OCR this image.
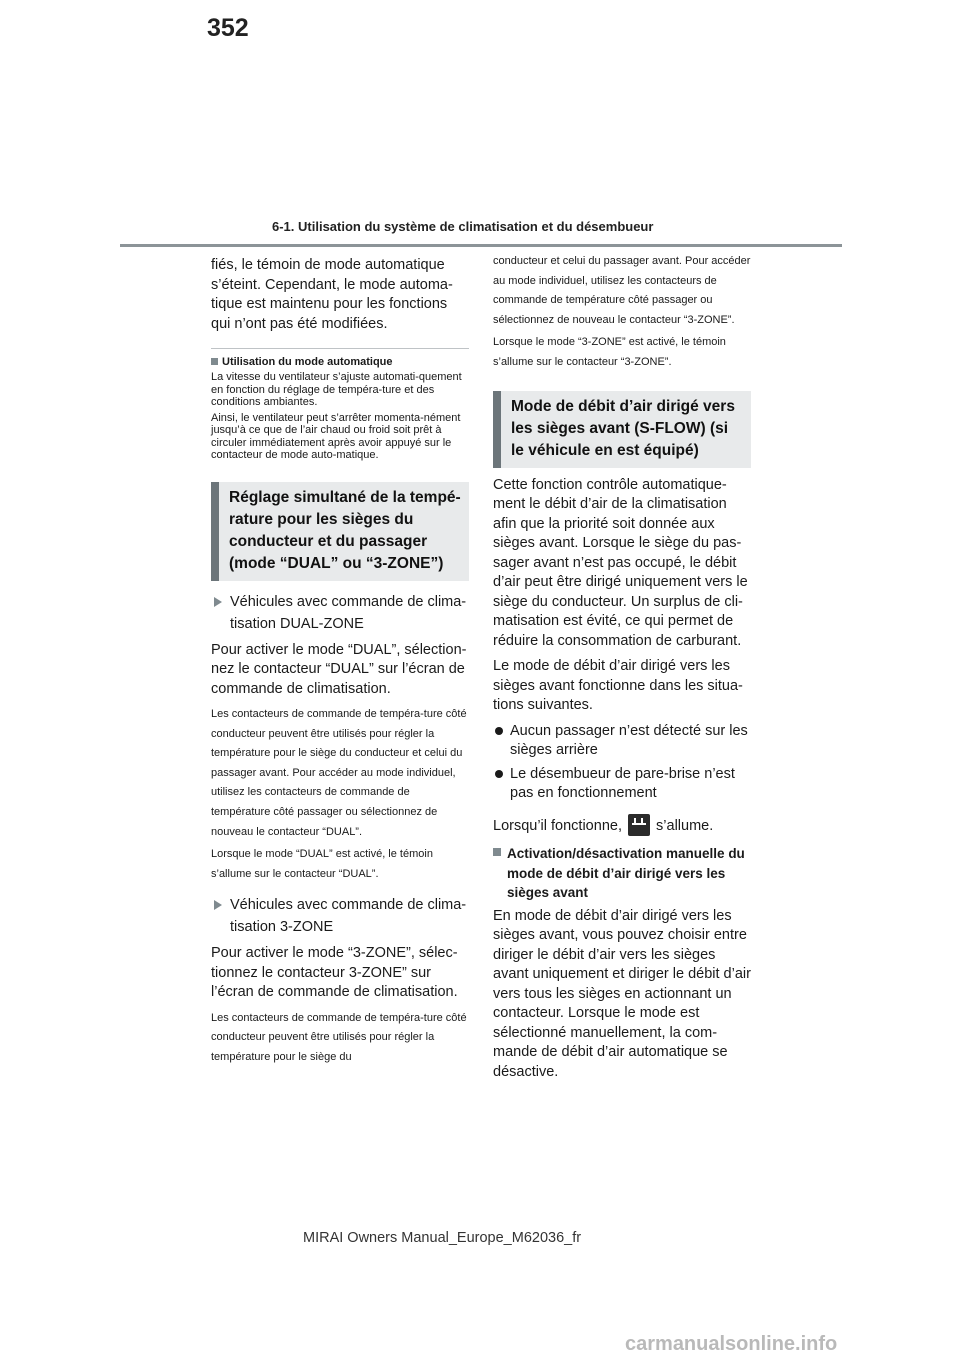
352
6-1. Utilisation du système de climatisation et du désembueur

fiés, le témoin de mode automatique s’éteint. Cependant, le mode automa-tique est maintenu pour les fonctions qui n’ont pas été modifiées.

Utilisation du mode automatique

La vitesse du ventilateur s’ajuste automati-quement en fonction du réglage de tempéra-ture et des conditions ambiantes.

Ainsi, le ventilateur peut s’arrêter momenta-nément jusqu’à ce que de l’air chaud ou froid soit prêt à circuler immédiatement après avoir appuyé sur le contacteur de mode auto-matique.

Réglage simultané de la tempé-rature pour les sièges du conducteur et du passager (mode “DUAL” ou “3-ZONE”)
Véhicules avec commande de clima-tisation DUAL-ZONE

Pour activer le mode “DUAL”, sélection-nez le contacteur “DUAL” sur l’écran de commande de climatisation.

Les contacteurs de commande de tempéra-ture côté conducteur peuvent être utilisés pour régler la température pour le siège du conducteur et celui du passager avant. Pour accéder au mode individuel, utilisez les contacteurs de commande de température côté passager ou sélectionnez de nouveau le contacteur “DUAL”.

Lorsque le mode “DUAL” est activé, le témoin s’allume sur le contacteur “DUAL”.

Véhicules avec commande de clima-tisation 3-ZONE

Pour activer le mode “3-ZONE”, sélec-tionnez le contacteur 3-ZONE” sur l’écran de commande de climatisation.

Les contacteurs de commande de tempéra-ture côté conducteur peuvent être utilisés pour régler la température pour le siège du

conducteur et celui du passager avant. Pour accéder au mode individuel, utilisez les contacteurs de commande de température côté passager ou sélectionnez de nouveau le contacteur “3-ZONE”.

Lorsque le mode “3-ZONE” est activé, le témoin s’allume sur le contacteur “3-ZONE”.

Mode de débit d’air dirigé vers les sièges avant (S-FLOW) (si le véhicule en est équipé)

Cette fonction contrôle automatique-ment le débit d’air de la climatisation afin que la priorité soit donnée aux sièges avant. Lorsque le siège du pas-sager avant n’est pas occupé, le débit d’air peut être dirigé uniquement vers le siège du conducteur. Un surplus de cli-matisation est évité, ce qui permet de réduire la consommation de carburant.

Le mode de débit d’air dirigé vers les sièges avant fonctionne dans les situa-tions suivantes.

Aucun passager n’est détecté sur les sièges arrière
Le désembueur de pare-brise n’est pas en fonctionnement

Lorsqu’il fonctionne, s’allume.

Activation/désactivation manuelle du mode de débit d’air dirigé vers les sièges avant

En mode de débit d’air dirigé vers les sièges avant, vous pouvez choisir entre diriger le débit d’air vers les sièges avant uniquement et diriger le débit d’air vers tous les sièges en actionnant un contacteur. Lorsque le mode est sélectionné manuellement, la com-mande de débit d’air automatique se désactive.

MIRAI Owners Manual_Europe_M62036_fr
carmanualsonline.info
